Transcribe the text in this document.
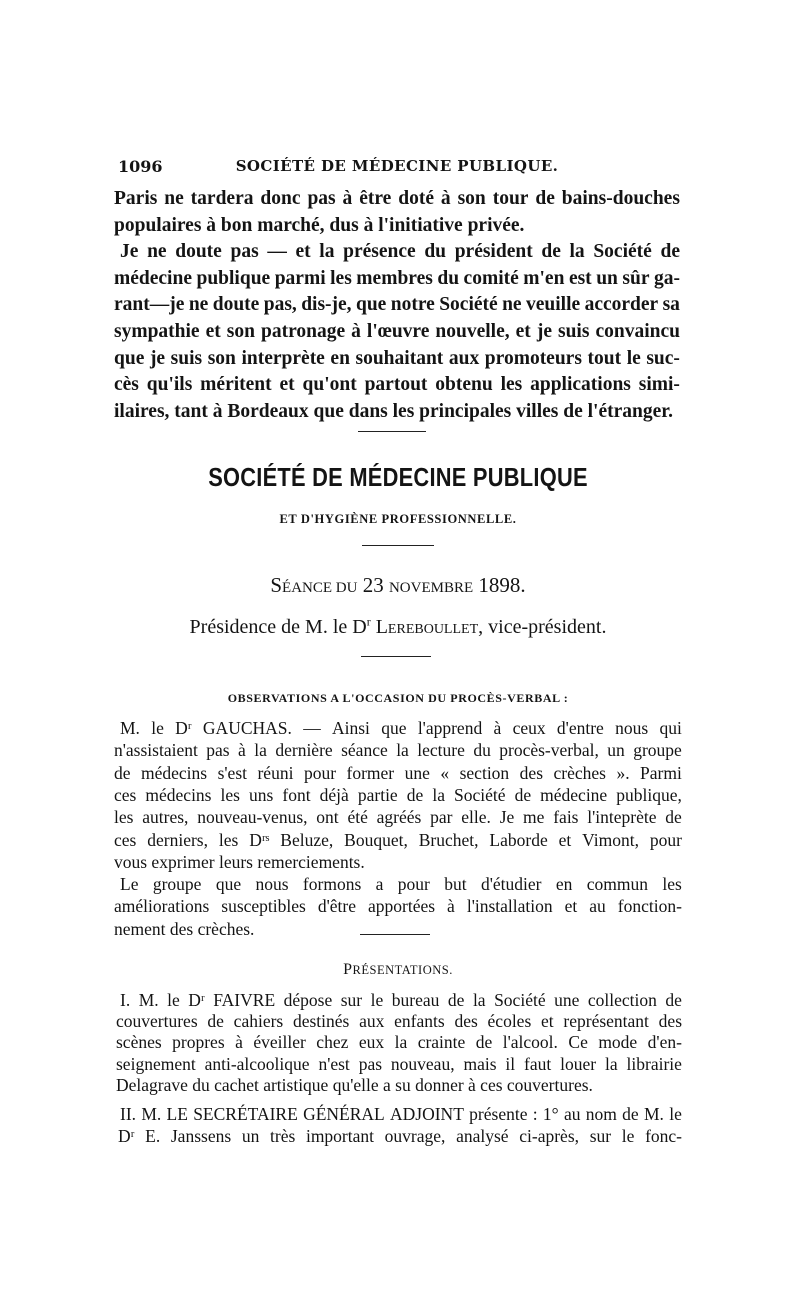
1096	SOCIÉTÉ DE MÉDECINE PUBLIQUE.
Paris ne tardera donc pas à être doté à son tour de bains-douches
populaires à bon marché, dus à l'initiative privée.
Je ne doute pas — et la présence du président de la Société de
médecine publique parmi les membres du comité m'en est un sûr ga-
rant—je ne doute pas, dis-je, que notre Société ne veuille accorder sa
sympathie et son patronage à l'œuvre nouvelle, et je suis convaincu
que je suis son interprète en souhaitant aux promoteurs tout le suc-
cès qu'ils méritent et qu'ont partout obtenu les applications simi-
ilaires, tant à Bordeaux que dans les principales villes de l'étranger.
SOCIÉTÉ DE MÉDECINE PUBLIQUE
ET D'HYGIÈNE PROFESSIONNELLE.
SÉANCE DU 23 NOVEMBRE 1898.
Présidence de M. le $D^r$ Lereboullet, vice-président.
OBSERVATIONS A L'OCCASION DU PROCÈS-VERBAL :
M. le Dʳ GAUCHAS. — Ainsi que l'apprend à ceux d'entre nous qui
n'assistaient pas à la dernière séance la lecture du procès-verbal, un groupe
de médecins s'est réuni pour former une « section des crèches ». Parmi
ces médecins les uns font déjà partie de la Société de médecine publique,
les autres, nouveau-venus, ont été agréés par elle. Je me fais l'inteprète de
ces derniers, les Dʳˢ Beluze, Bouquet, Bruchet, Laborde et Vimont, pour
vous exprimer leurs remerciements.
Le groupe que nous formons a pour but d'étudier en commun les
améliorations susceptibles d'être apportées à l'installation et au fonction-
nement des crèches.
PRÉSENTATIONS.
I. M. le Dʳ FAIVRE dépose sur le bureau de la Société une collection de
couvertures de cahiers destinés aux enfants des écoles et représentant des
scènes propres à éveiller chez eux la crainte de l'alcool. Ce mode d'en-
seignement anti-alcoolique n'est pas nouveau, mais il faut louer la librairie
Delagrave du cachet artistique qu'elle a su donner à ces couvertures.
II. M. LE SECRÉTAIRE GÉNÉRAL ADJOINT présente : 1° au nom de M. le
Dʳ E. Janssens un très important ouvrage, analysé ci-après, sur le fonc-
